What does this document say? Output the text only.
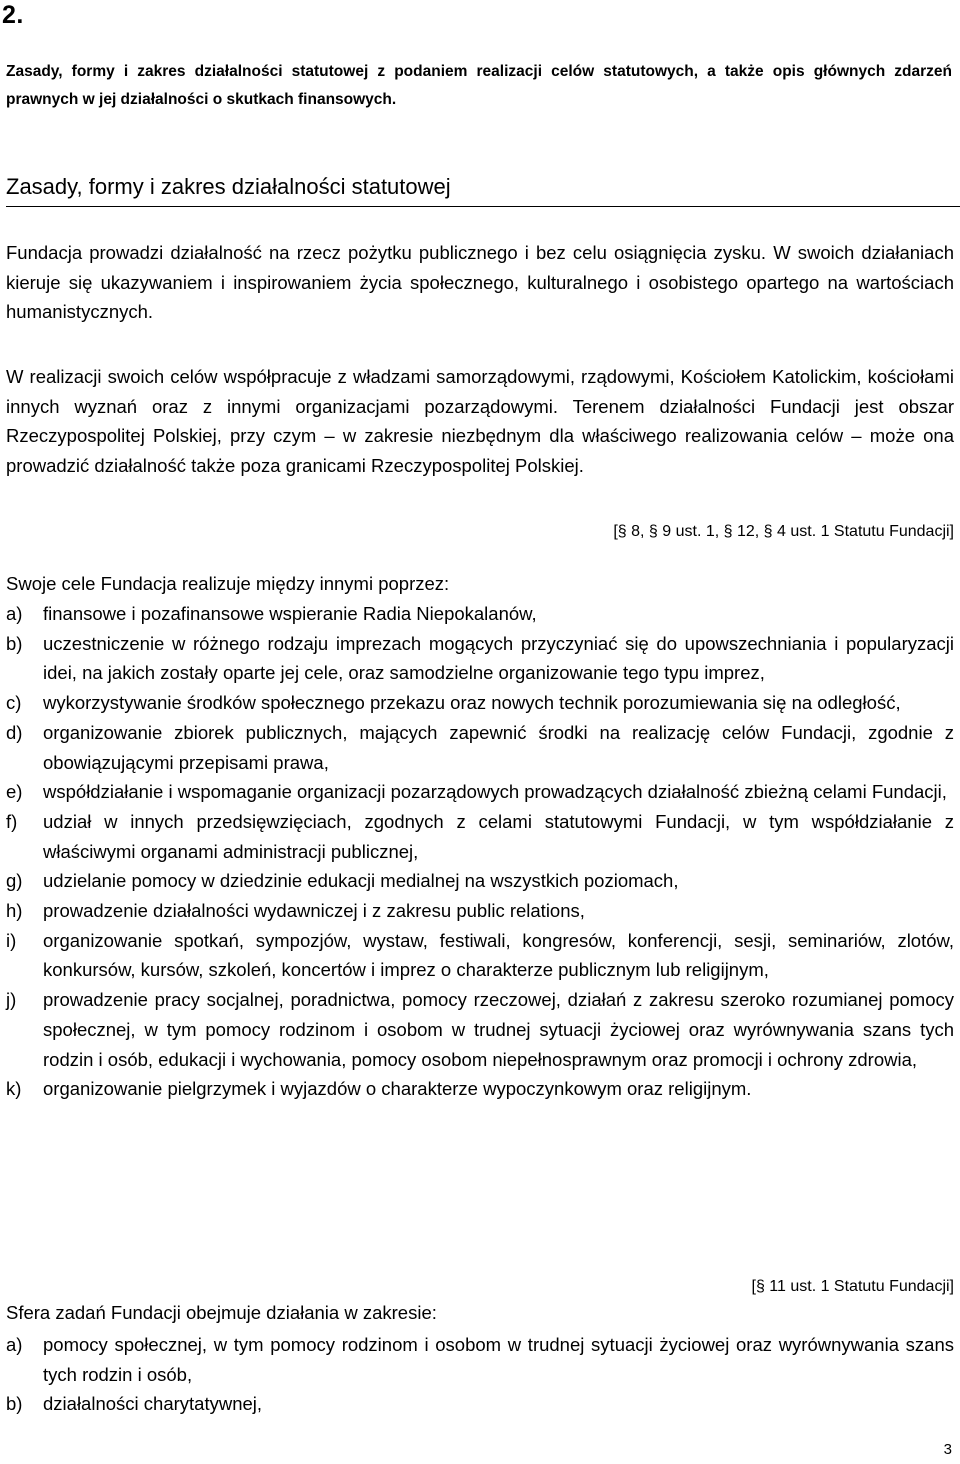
2.
Zasady, formy i zakres działalności statutowej z podaniem realizacji celów statutowych, a także opis głównych zdarzeń prawnych w jej działalności o skutkach finansowych.
Zasady, formy i zakres działalności statutowej

Fundacja prowadzi działalność na rzecz pożytku publicznego i bez celu osiągnięcia zysku. W swoich działaniach kieruje się ukazywaniem i inspirowaniem życia społecznego, kulturalnego i osobistego opartego na wartościach humanistycznych.

W realizacji swoich celów współpracuje z władzami samorządowymi, rządowymi, Kościołem Katolickim, kościołami innych wyznań oraz z innymi organizacjami pozarządowymi. Terenem działalności Fundacji jest obszar Rzeczypospolitej Polskiej, przy czym – w zakresie niezbędnym dla właściwego realizowania celów – może ona prowadzić działalność także poza granicami Rzeczypospolitej Polskiej.

[§ 8, § 9 ust. 1, § 12, § 4 ust. 1 Statutu Fundacji]

Swoje cele Fundacja realizuje między innymi poprzez:

a) finansowe i pozafinansowe wspieranie Radia Niepokalanów,
b) uczestniczenie w różnego rodzaju imprezach mogących przyczyniać się do upowszechniania i popularyzacji idei, na jakich zostały oparte jej cele, oraz samodzielne organizowanie tego typu imprez,
c) wykorzystywanie środków społecznego przekazu oraz nowych technik porozumiewania się na odległość,
d) organizowanie zbiorek publicznych, mających zapewnić środki na realizację celów Fundacji, zgodnie z obowiązującymi przepisami prawa,
e) współdziałanie i wspomaganie organizacji pozarządowych prowadzących działalność zbieżną celami Fundacji,
f) udział w innych przedsięwzięciach, zgodnych z celami statutowymi Fundacji, w tym współdziałanie z właściwymi organami administracji publicznej,
g) udzielanie pomocy w dziedzinie edukacji medialnej na wszystkich poziomach,
h) prowadzenie działalności wydawniczej i z zakresu public relations,
i) organizowanie spotkań, sympozjów, wystaw, festiwali, kongresów, konferencji, sesji, seminariów, zlotów, konkursów, kursów, szkoleń, koncertów i imprez o charakterze publicznym lub religijnym,
j) prowadzenie pracy socjalnej, poradnictwa, pomocy rzeczowej, działań z zakresu szeroko rozumianej pomocy społecznej, w tym pomocy rodzinom i osobom w trudnej sytuacji życiowej oraz wyrównywania szans tych rodzin i osób, edukacji i wychowania, pomocy osobom niepełnosprawnym oraz promocji i ochrony zdrowia,
k) organizowanie pielgrzymek i wyjazdów o charakterze wypoczynkowym oraz religijnym.
[§ 11 ust. 1 Statutu Fundacji]

Sfera zadań Fundacji obejmuje działania w zakresie:

a) pomocy społecznej, w tym pomocy rodzinom i osobom w trudnej sytuacji życiowej oraz wyrównywania szans tych rodzin i osób,
b) działalności charytatywnej,
3
